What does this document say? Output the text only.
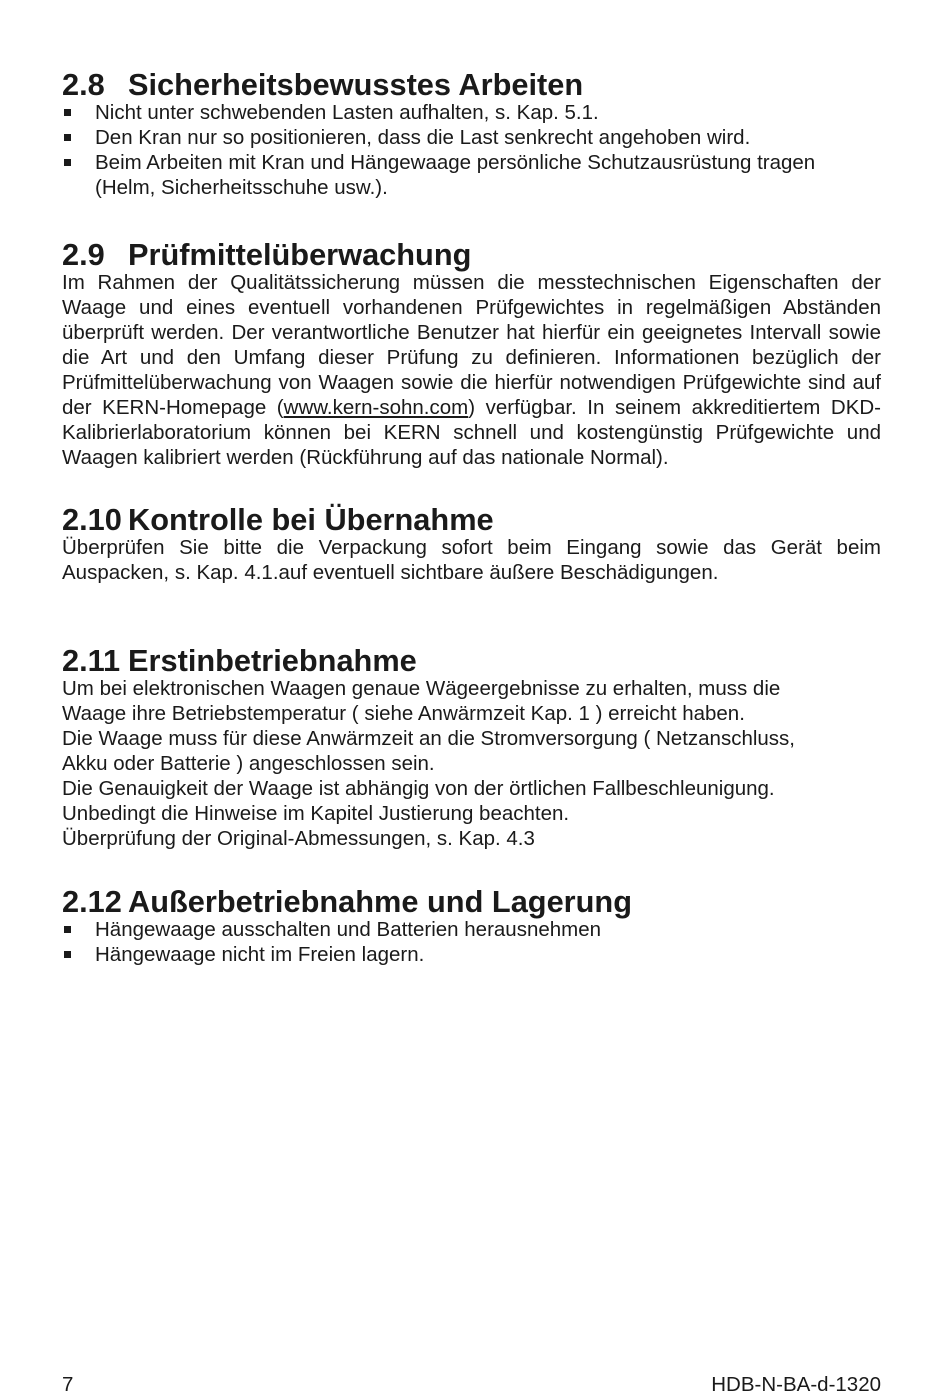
2.8 Sicherheitsbewusstes Arbeiten
Nicht unter schwebenden Lasten aufhalten, s. Kap. 5.1.
Den Kran nur so positionieren, dass die Last senkrecht angehoben wird.
Beim Arbeiten mit Kran und Hängewaage persönliche Schutzausrüstung tragen (Helm, Sicherheitsschuhe usw.).
2.9 Prüfmittelüberwachung

Im Rahmen der Qualitätssicherung müssen die messtechnischen Eigenschaften der Waage und eines eventuell vorhandenen Prüfgewichtes in regelmäßigen Abständen überprüft werden. Der verantwortliche Benutzer hat hierfür ein geeignetes Intervall sowie die Art und den Umfang dieser Prüfung zu definieren. Informationen bezüglich der Prüfmittelüberwachung von Waagen sowie die hierfür notwendigen Prüfgewichte sind auf der KERN-Homepage (www.kern-sohn.com) verfügbar. In seinem akkreditiertem DKD-Kalibrierlaboratorium können bei KERN schnell und kostengünstig Prüfgewichte und Waagen kalibriert werden (Rückführung auf das nationale Normal).

2.10 Kontrolle bei Übernahme

Überprüfen Sie bitte die Verpackung sofort beim Eingang sowie das Gerät beim Auspacken, s. Kap. 4.1.auf eventuell sichtbare äußere Beschädigungen.

2.11 Erstinbetriebnahme
Um bei elektronischen Waagen genaue Wägeergebnisse zu erhalten, muss die
Waage ihre Betriebstemperatur ( siehe Anwärmzeit Kap. 1 ) erreicht haben.
Die Waage muss für diese Anwärmzeit an die Stromversorgung ( Netzanschluss,
Akku oder Batterie ) angeschlossen sein.
Die Genauigkeit der Waage ist abhängig von der örtlichen Fallbeschleunigung.
Unbedingt die Hinweise im Kapitel Justierung beachten.
Überprüfung der Original-Abmessungen, s. Kap. 4.3
2.12 Außerbetriebnahme und Lagerung
Hängewaage ausschalten und Batterien herausnehmen
Hängewaage nicht im Freien lagern.
7	HDB-N-BA-d-1320
